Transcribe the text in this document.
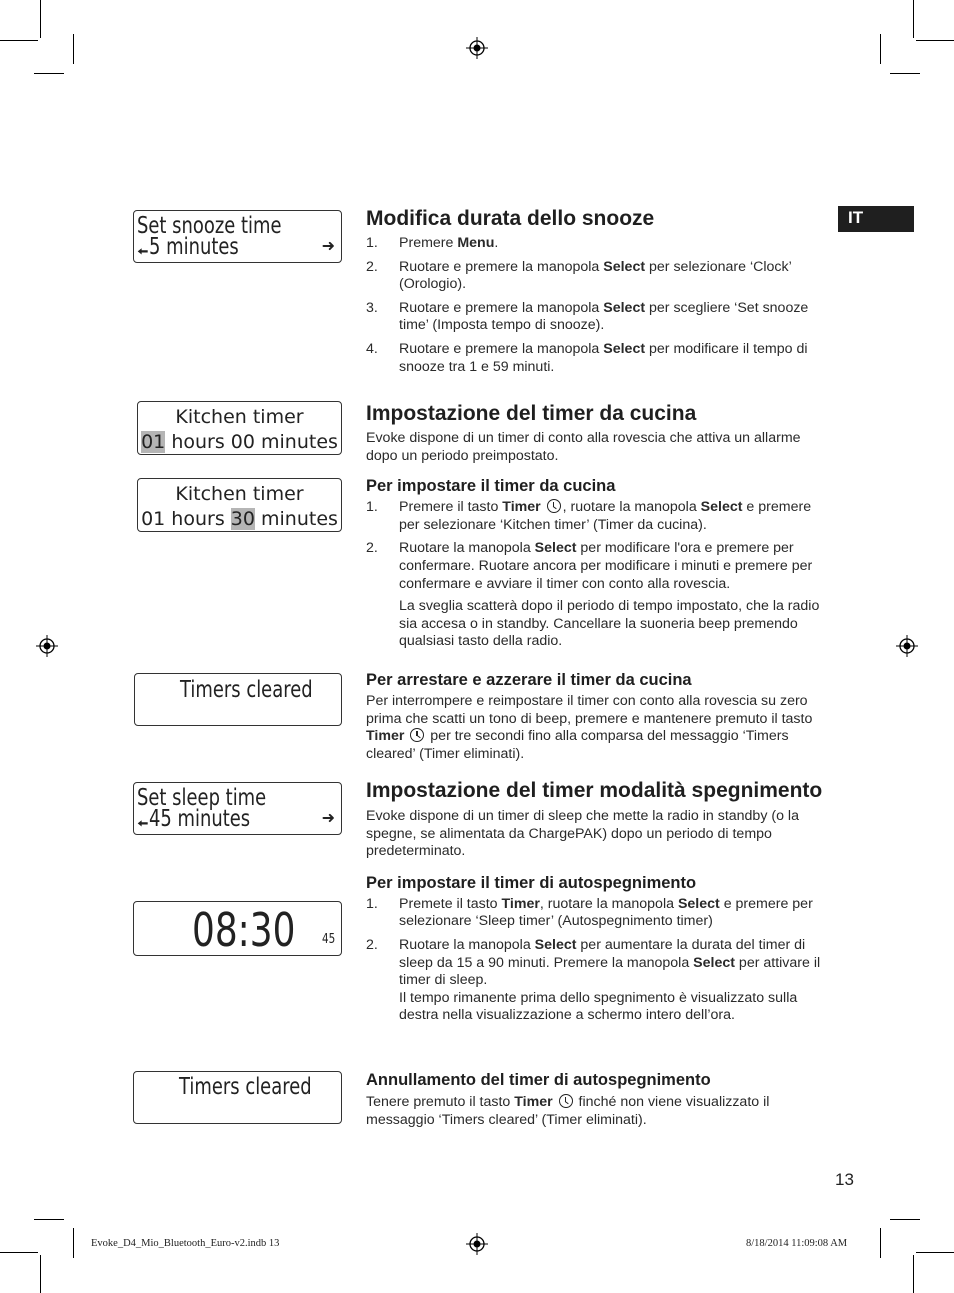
IT
Set snooze time
🠨 5 minutes	➜
Kitchen timer
01 hours 00 minutes
Kitchen timer
01 hours 30 minutes
Timers cleared
Set sleep time
🠨 45 minutes	➜
08:30 45
Timers cleared
Modifica durata dello snooze
1. Premere Menu.
2. Ruotare e premere la manopola Select per selezionare ‘Clock’ (Orologio).
3. Ruotare e premere la manopola Select per scegliere ‘Set snooze time’ (Imposta tempo di snooze).
4. Ruotare e premere la manopola Select per modificare il tempo di snooze tra 1 e 59 minuti.
Impostazione del timer da cucina
Evoke dispone di un timer di conto alla rovescia che attiva un allarme dopo un periodo preimpostato.
Per impostare il timer da cucina
1. Premere il tasto Timer , ruotare la manopola Select e premere per selezionare ‘Kitchen timer’ (Timer da cucina).
2. Ruotare la manopola Select per modificare l'ora e premere per confermare. Ruotare ancora per modificare i minuti e premere per confermare e avviare il timer con conto alla rovescia.
La sveglia scatterà dopo il periodo di tempo impostato, che la radio sia accesa o in standby. Cancellare la suoneria beep premendo qualsiasi tasto della radio.
Per arrestare e azzerare il timer da cucina
Per interrompere e reimpostare il timer con conto alla rovescia su zero prima che scatti un tono di beep, premere e mantenere premuto il tasto Timer  per tre secondi fino alla comparsa del messaggio ‘Timers cleared’ (Timer eliminati).
Impostazione del timer modalità spegnimento
Evoke dispone di un timer di sleep che mette la radio in standby (o la spegne, se alimentata da ChargePAK) dopo un periodo di tempo predeterminato.
Per impostare il timer di autospegnimento
1. Premete il tasto Timer, ruotare la manopola Select e premere per selezionare ‘Sleep timer’ (Autospegnimento timer)
2. Ruotare la manopola Select per aumentare la durata del timer di sleep da 15 a 90 minuti. Premere la manopola Select per attivare il timer di sleep.
Il tempo rimanente prima dello spegnimento è visualizzato sulla destra nella visualizzazione a schermo intero dell’ora.
Annullamento del timer di autospegnimento
Tenere premuto il tasto Timer  finché non viene visualizzato il messaggio ‘Timers cleared’ (Timer eliminati).
13
Evoke_D4_Mio_Bluetooth_Euro-v2.indb 13	8/18/2014 11:09:08 AM
